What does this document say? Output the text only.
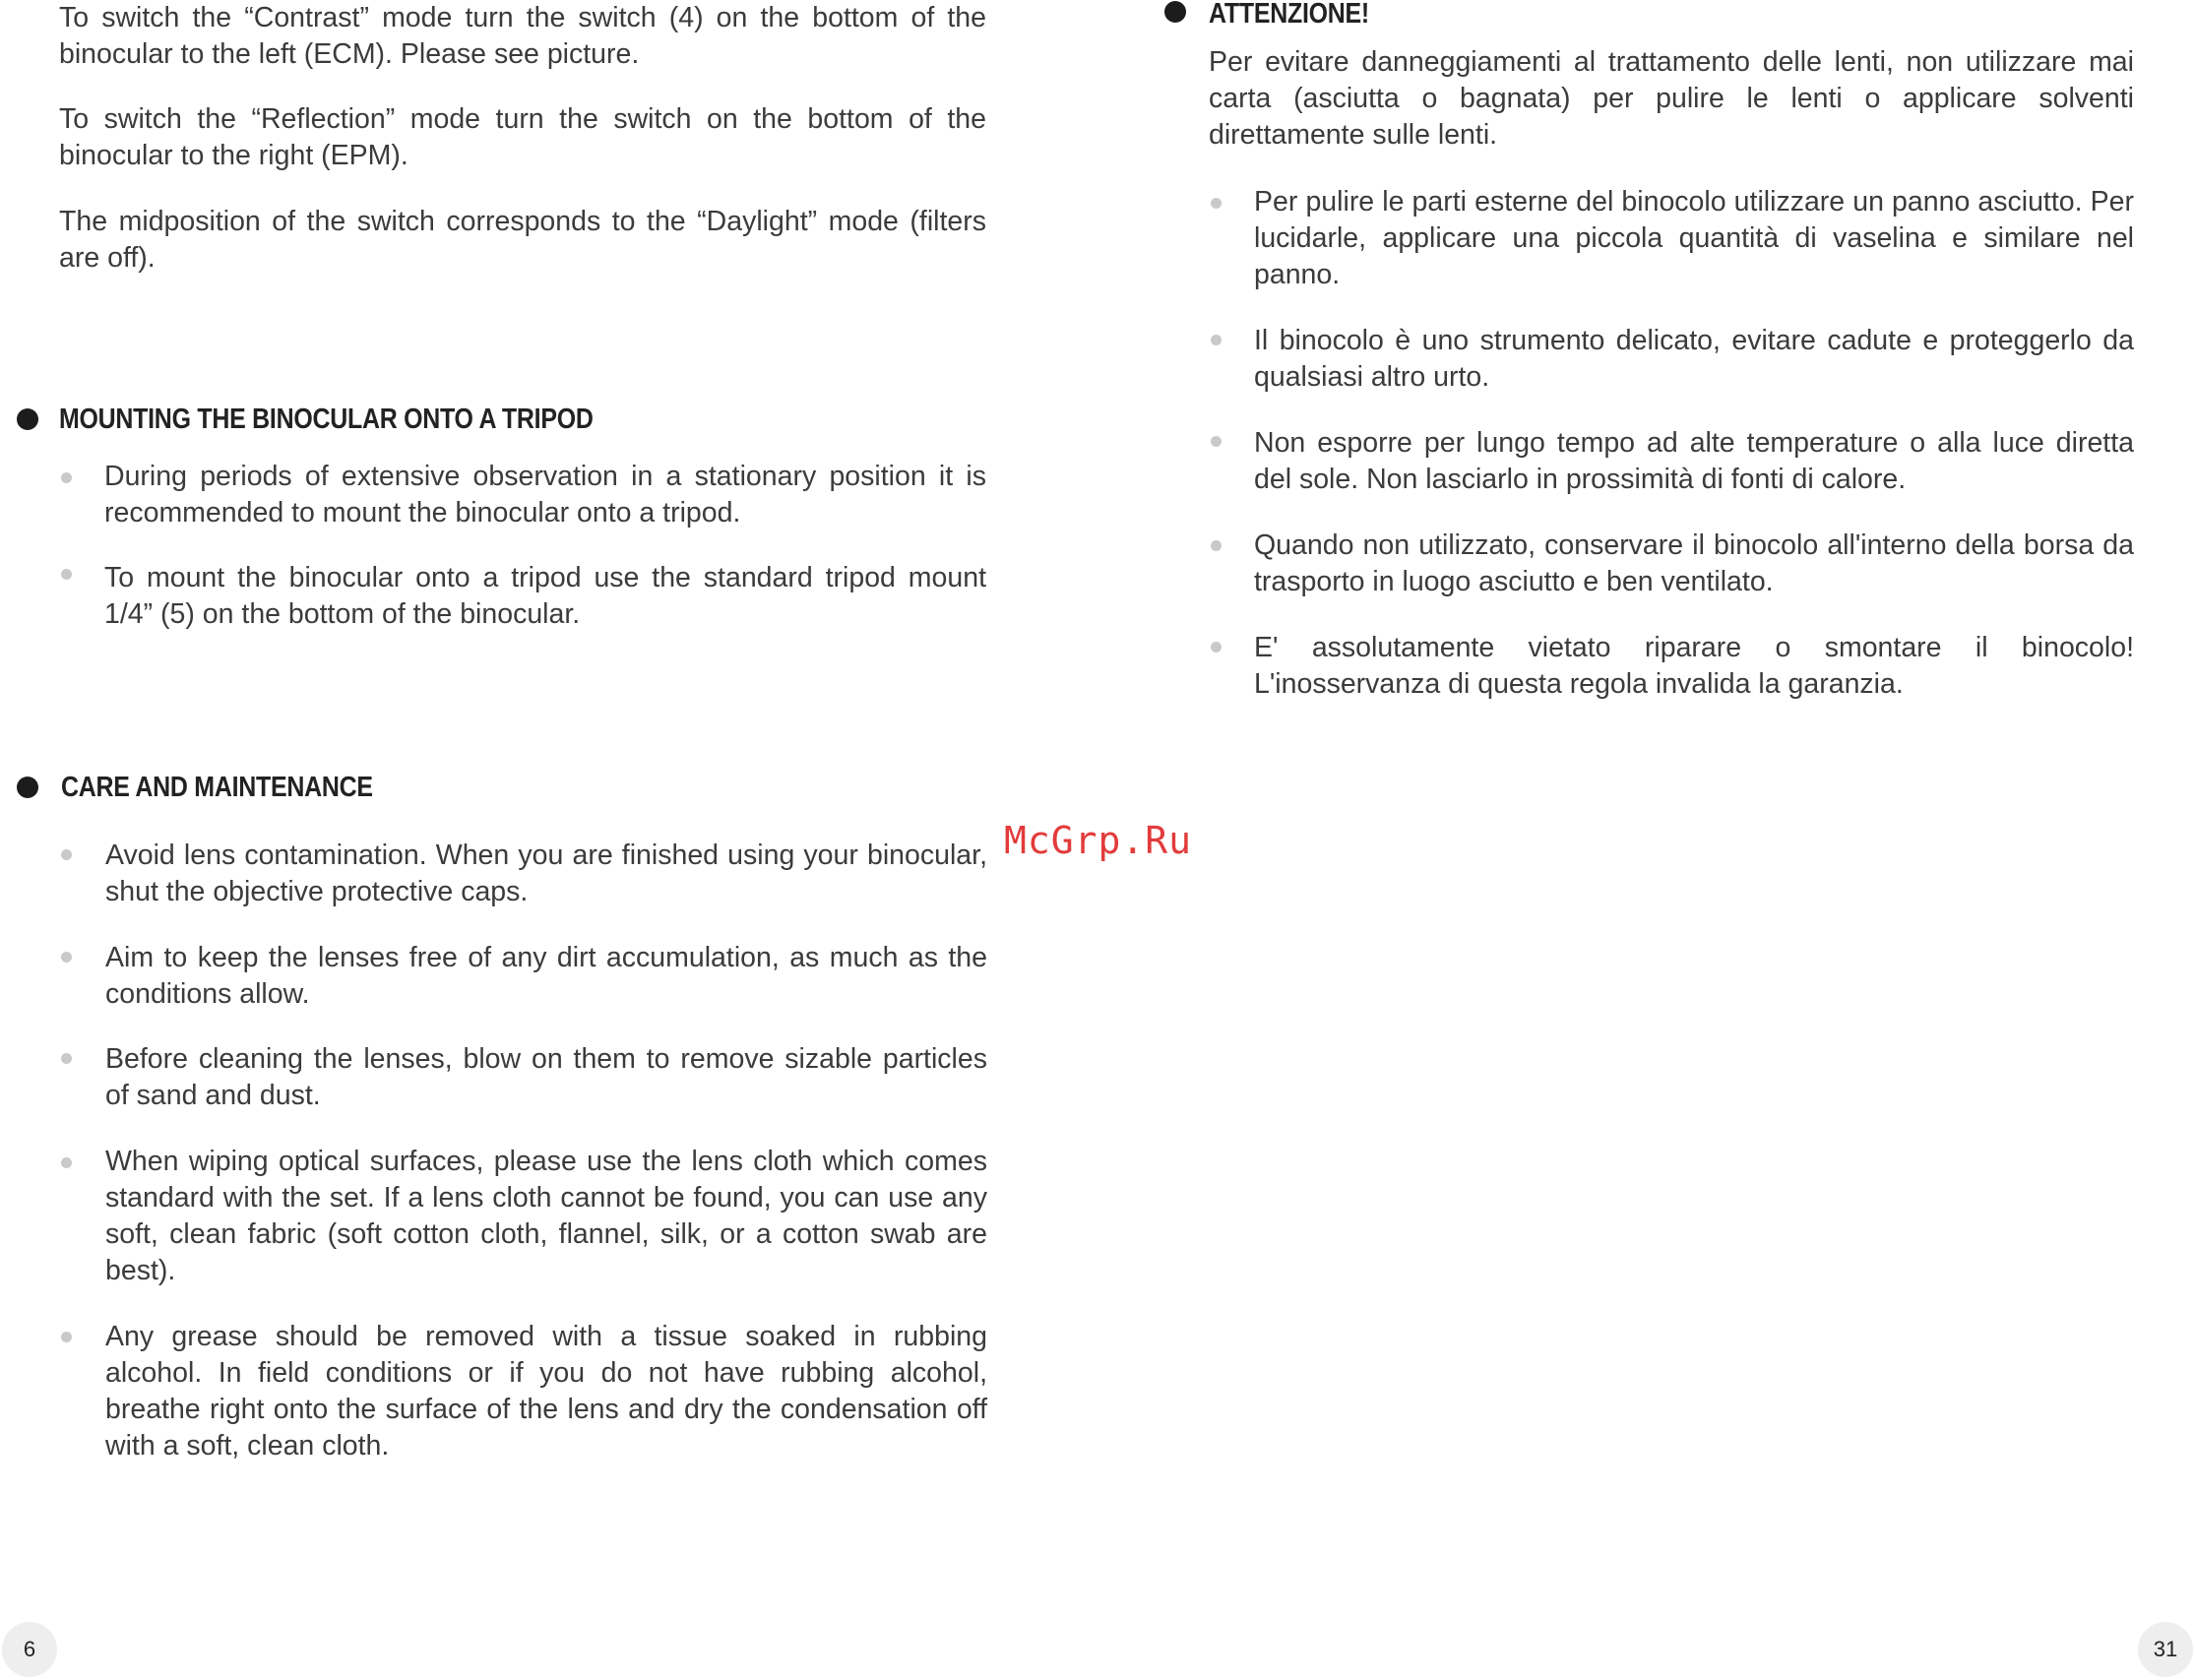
To switch the “Contrast” mode turn the switch (4) on the bottom of the binocular to the left (ECM). Please see picture.

To switch the “Reflection” mode turn the switch on the bottom of the binocular to the right (EPM).

The midposition of the switch corresponds to the “Daylight” mode (filters are off).

MOUNTING THE BINOCULAR ONTO A TRIPOD

During periods of extensive observation in a stationary position it is recommended to mount the binocular onto a tripod.

To mount the binocular onto a tripod use the standard tripod mount 1/4” (5) on the bottom of the binocular.

CARE AND MAINTENANCE

Avoid lens contamination. When you are finished using your binocular, shut the objective protective caps.

Aim to keep the lenses free of any dirt accumulation, as much as the conditions allow.

Before cleaning the lenses, blow on them to remove sizable particles of sand and dust.

When wiping optical surfaces, please use the lens cloth which comes standard with the set. If a lens cloth cannot be found, you can use any soft, clean fabric (soft cotton cloth, flannel, silk, or a cotton swab are best).

Any grease should be removed with a tissue soaked in rubbing alcohol. In field conditions or if you do not have rubbing alcohol, breathe right onto the surface of the lens and dry the condensation off with a soft, clean cloth.

ATTENZIONE!

Per evitare danneggiamenti al trattamento delle lenti, non utilizzare mai carta (asciutta o bagnata) per pulire le lenti o applicare solventi direttamente sulle lenti.

Per pulire le parti esterne del binocolo utilizzare un panno asciutto. Per lucidarle, applicare una piccola quantità di vaselina e similare nel panno.

Il binocolo è uno strumento delicato, evitare cadute e proteggerlo da qualsiasi altro urto.

Non esporre per lungo tempo ad alte temperature o alla luce diretta del sole. Non lasciarlo in prossimità di fonti di calore.

Quando non utilizzato, conservare il binocolo all'interno della borsa da trasporto in luogo asciutto e ben ventilato.

E' assolutamente vietato riparare o smontare il binocolo! L'inosservanza di questa regola invalida la garanzia.

McGrp.Ru
6	31
